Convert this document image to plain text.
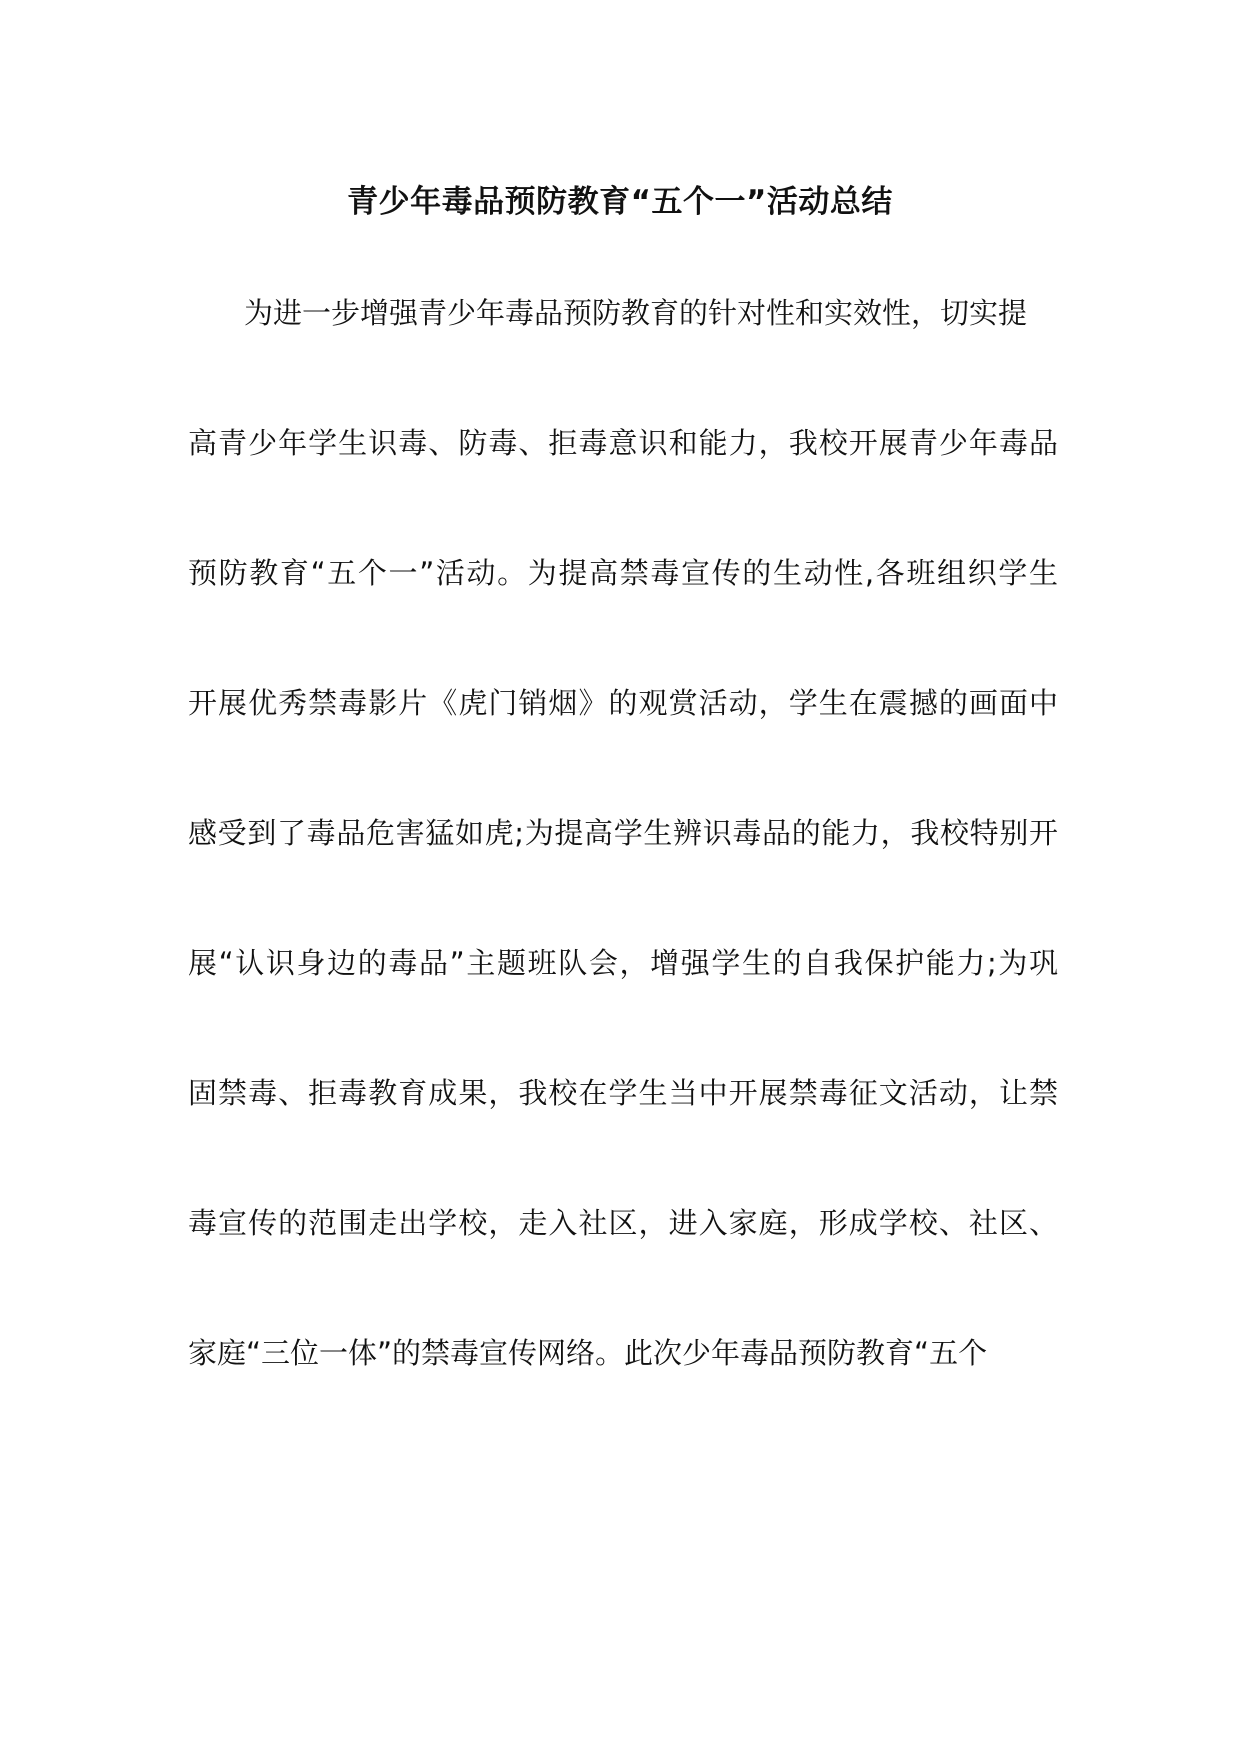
青少年毒品预防教育“五个一”活动总结
为进一步增强青少年毒品预防教育的针对性和实效性，切实提
高青少年学生识毒、防毒、拒毒意识和能力，我校开展青少年毒品
预防教育“五个一”活动。为提高禁毒宣传的生动性,各班组织学生
开展优秀禁毒影片《虎门销烟》的观赏活动，学生在震撼的画面中
感受到了毒品危害猛如虎;为提高学生辨识毒品的能力，我校特别开
展“认识身边的毒品”主题班队会，增强学生的自我保护能力;为巩
固禁毒、拒毒教育成果，我校在学生当中开展禁毒征文活动，让禁
毒宣传的范围走出学校，走入社区，进入家庭，形成学校、社区、
家庭“三位一体”的禁毒宣传网络。此次少年毒品预防教育“五个
